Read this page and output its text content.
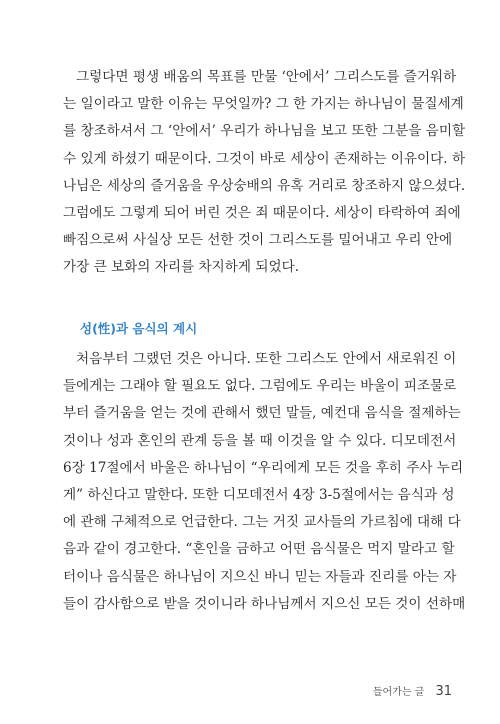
그렇다면 평생 배움의 목표를 만물 ‘안에서’ 그리스도를 즐거워하
는 일이라고 말한 이유는 무엇일까? 그 한 가지는 하나님이 물질세계
를 창조하셔서 그 ‘안에서’ 우리가 하나님을 보고 또한 그분을 음미할
수 있게 하셨기 때문이다. 그것이 바로 세상이 존재하는 이유이다. 하
나님은 세상의 즐거움을 우상숭배의 유혹 거리로 창조하지 않으셨다.
그럼에도 그렇게 되어 버린 것은 죄 때문이다. 세상이 타락하여 죄에
빠짐으로써 사실상 모든 선한 것이 그리스도를 밀어내고 우리 안에
가장 큰 보화의 자리를 차지하게 되었다.
성(性)과 음식의 계시
처음부터 그랬던 것은 아니다. 또한 그리스도 안에서 새로워진 이
들에게는 그래야 할 필요도 없다. 그럼에도 우리는 바울이 피조물로
부터 즐거움을 얻는 것에 관해서 했던 말들, 예컨대 음식을 절제하는
것이나 성과 혼인의 관계 등을 볼 때 이것을 알 수 있다. 디모데전서
6장 17절에서 바울은 하나님이 “우리에게 모든 것을 후히 주사 누리
게” 하신다고 말한다. 또한 디모데전서 4장 3-5절에서는 음식과 성
에 관해 구체적으로 언급한다. 그는 거짓 교사들의 가르침에 대해 다
음과 같이 경고한다. “혼인을 금하고 어떤 음식물은 먹지 말라고 할
터이나 음식물은 하나님이 지으신 바니 믿는 자들과 진리를 아는 자
들이 감사함으로 받을 것이니라 하나님께서 지으신 모든 것이 선하매
들어가는 글 31
